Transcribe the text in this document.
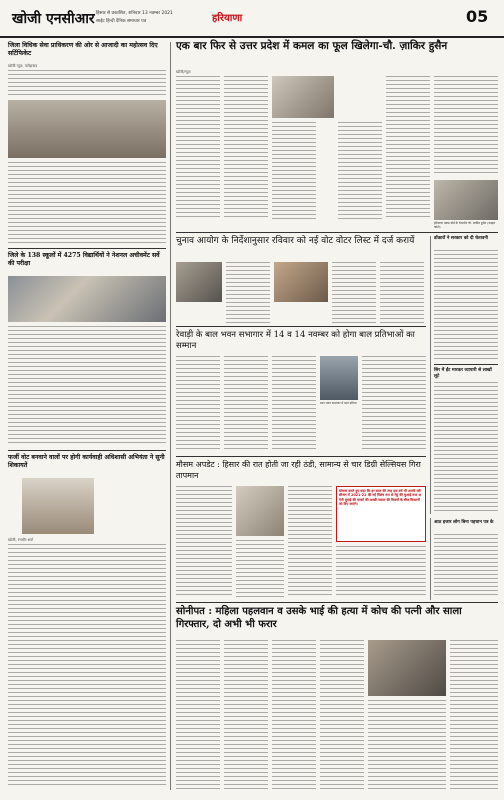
खोजी एनसीआर हिसार से प्रकाशित, शनिवार 13 नवम्बर 2021
साईट हिन्दी दैनिक समाचार पत्र	हरियाणा	05
जिला विधिक सेवा प्राधिकरण की ओर से आजादी का महोत्सव दिए सर्टिफिकेट
खोजी न्यूज़, फतेहाबाद
जिले के 138 स्कूलों में 4275 विद्यार्थियों ने नेशनल अचीवमेंट सर्वे की परीक्षा
फर्जी वोट बनवाने वालों पर होगी कार्यवाही अधिशासी अभियंता ने सुनी शिकायतें
खोजी, रणधीर शर्मा
एक बार फिर से उत्तर प्रदेश में कमल का फूल खिलेगा-चौ. ज़ाकिर हुसैन
खोजी/न्यूज़
हरियाणा वक्फ बोर्ड के चेयरमैन चौ. जाकिर हुसैन (फाइल फोटो)
चुनाव आयोग के निर्देशानुसार रविवार को नई वोट वोटर लिस्ट में दर्ज करायें	डॉक्टरों ने सरकार को दी चेतावनी
सिर में ईंट मारकर व्यापारी से लाखों लूटे
रेवाड़ी के बाल भवन सभागार में 14 व 14 नवम्बर को होगा बाल प्रतिभाओं का सम्मान
बाल भवन सभागार में बाल प्रतिभा
मौसम अपडेट : हिसार की रात होती जा रही ठंडी, सामान्य से चार डिग्री सेल्सियस गिरा तापमान
घोषणा करते हुए कहा कि हर साल की तरह इस वर्ष भी अपनी रबी सीजन में 2021-22 की नई विशेष रूप से गेहूं की बुआई तथा अगेती बुवाई की सरसों की अच्छी फसल की किस्मों के बीज किसानों को दिए जाएंगे।
आठ हजार लोग बिना पहचान पत्र के
सोनीपत : महिला पहलवान व उसके भाई की हत्या में कोच की पत्नी और साला गिरफ्तार, दो अभी भी फरार
